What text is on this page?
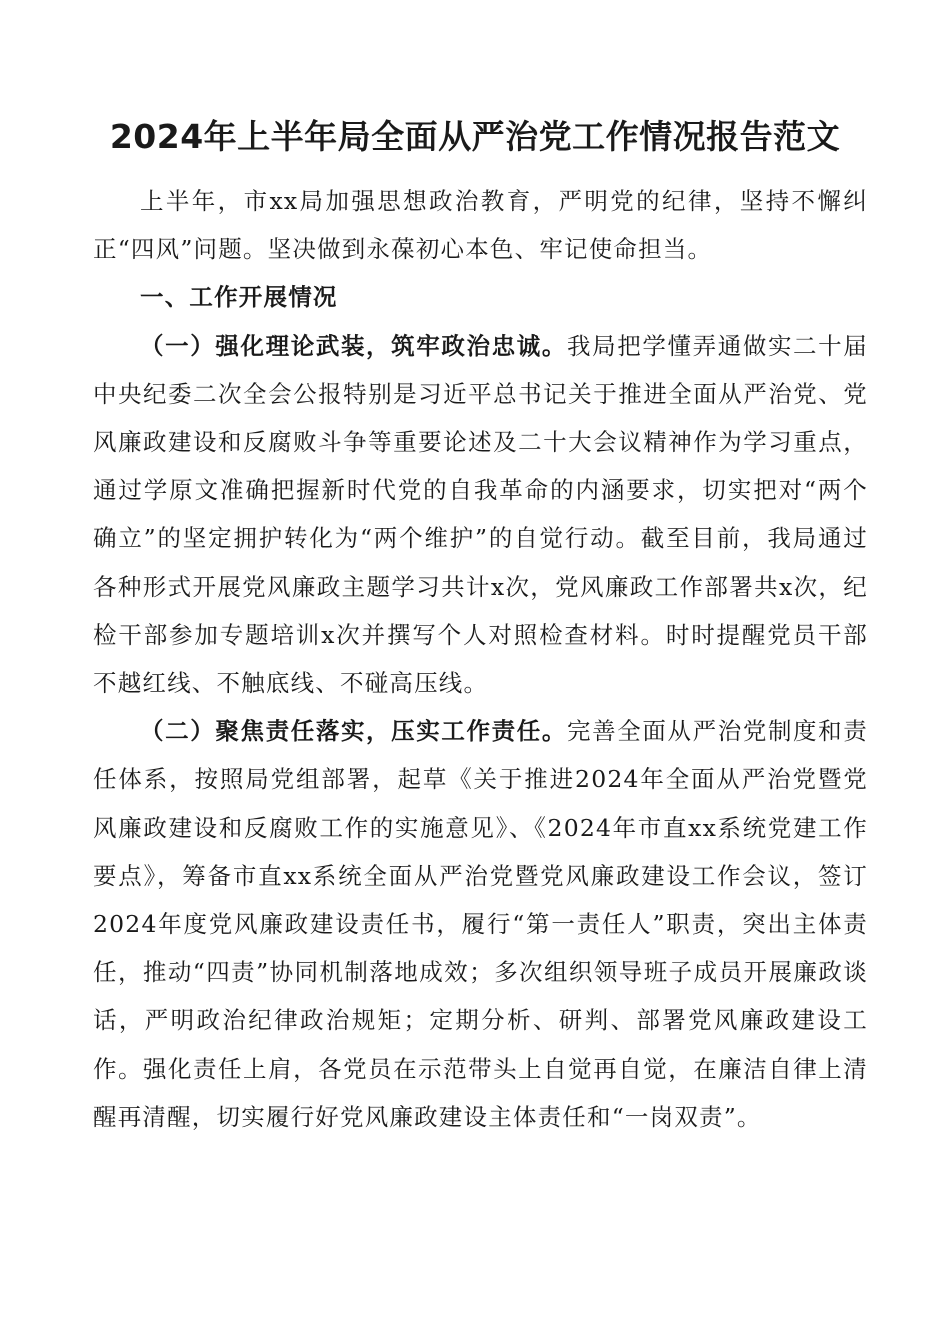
2024年上半年局全面从严治党工作情况报告范文

上半年，市xx局加强思想政治教育，严明党的纪律，坚持不懈纠正“四风”问题。坚决做到永葆初心本色、牢记使命担当。

一、工作开展情况

（一）强化理论武装，筑牢政治忠诚。我局把学懂弄通做实二十届中央纪委二次全会公报特别是习近平总书记关于推进全面从严治党、党风廉政建设和反腐败斗争等重要论述及二十大会议精神作为学习重点，通过学原文准确把握新时代党的自我革命的内涵要求，切实把对“两个确立”的坚定拥护转化为“两个维护”的自觉行动。截至目前，我局通过各种形式开展党风廉政主题学习共计x次，党风廉政工作部署共x次，纪检干部参加专题培训x次并撰写个人对照检查材料。时时提醒党员干部不越红线、不触底线、不碰高压线。

（二）聚焦责任落实，压实工作责任。完善全面从严治党制度和责任体系，按照局党组部署，起草《关于推进2024年全面从严治党暨党风廉政建设和反腐败工作的实施意见》、《2024年市直xx系统党建工作要点》，筹备市直xx系统全面从严治党暨党风廉政建设工作会议，签订2024年度党风廉政建设责任书，履行“第一责任人”职责，突出主体责任，推动“四责”协同机制落地成效；多次组织领导班子成员开展廉政谈话，严明政治纪律政治规矩；定期分析、研判、部署党风廉政建设工作。强化责任上肩，各党员在示范带头上自觉再自觉，在廉洁自律上清醒再清醒，切实履行好党风廉政建设主体责任和“一岗双责”。
